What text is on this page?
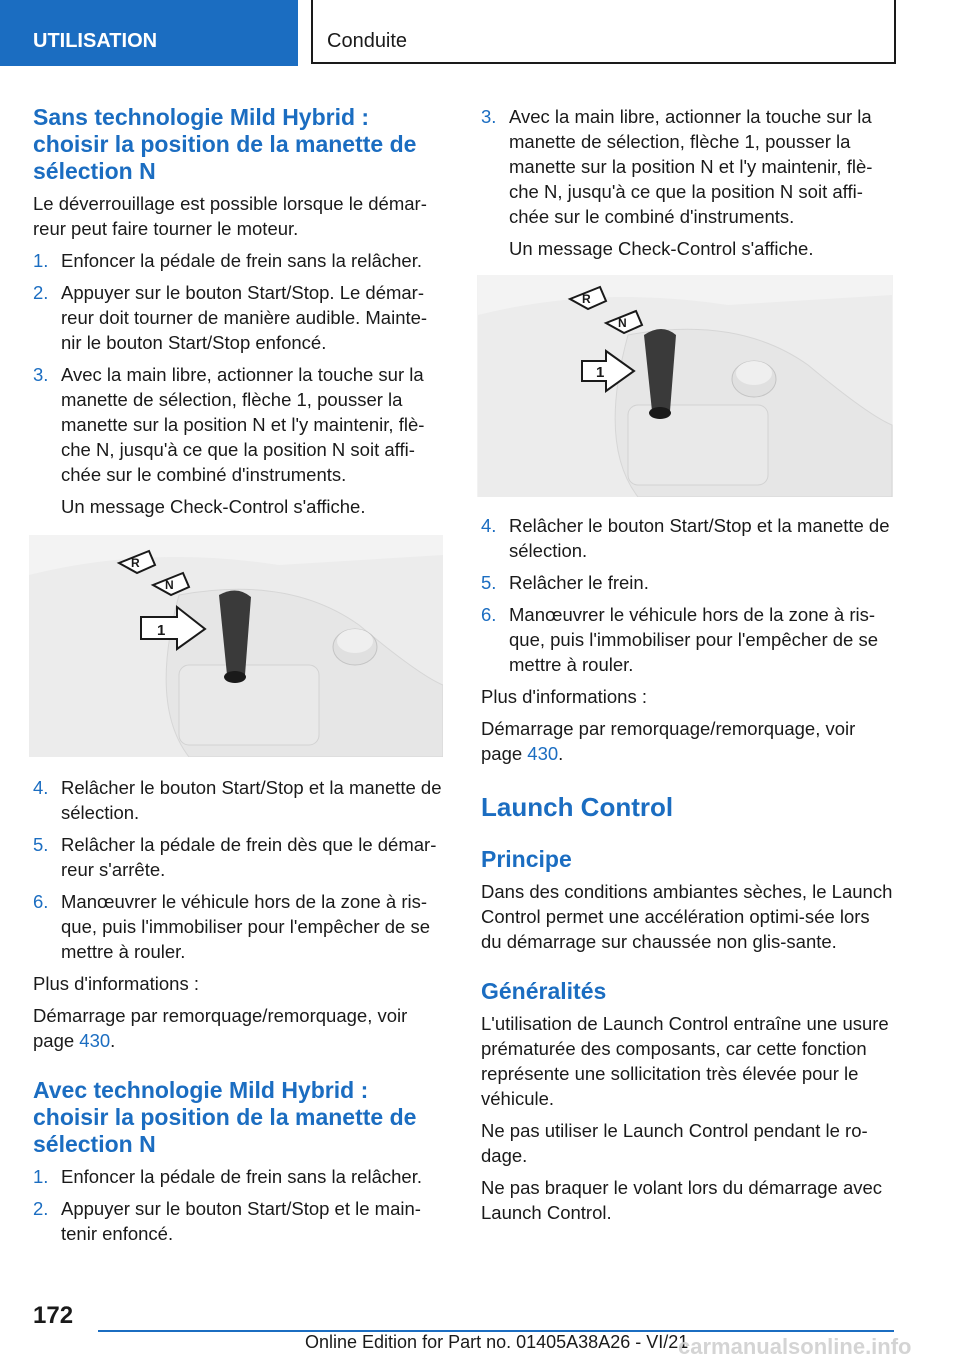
UTILISATION	Conduite
Sans technologie Mild Hybrid : choisir la position de la manette de sélection N

Le déverrouillage est possible lorsque le démar-reur peut faire tourner le moteur.

1. Enfoncer la pédale de frein sans la relâcher.
2. Appuyer sur le bouton Start/Stop. Le démar-reur doit tourner de manière audible. Mainte-nir le bouton Start/Stop enfoncé.
3. Avec la main libre, actionner la touche sur la manette de sélection, flèche 1, pousser la manette sur la position N et l'y maintenir, flè-che N, jusqu'à ce que la position N soit affi-chée sur le combiné d'instruments.

Un message Check-Control s'affiche.

R
N
1
4. Relâcher le bouton Start/Stop et la manette de sélection.
5. Relâcher la pédale de frein dès que le démar-reur s'arrête.
6. Manœuvrer le véhicule hors de la zone à ris-que, puis l'immobiliser pour l'empêcher de se mettre à rouler.

Plus d'informations :

Démarrage par remorquage/remorquage, voir page 430.

Avec technologie Mild Hybrid : choisir la position de la manette de sélection N
1. Enfoncer la pédale de frein sans la relâcher.
2. Appuyer sur le bouton Start/Stop et le main-tenir enfoncé.
3. Avec la main libre, actionner la touche sur la manette de sélection, flèche 1, pousser la manette sur la position N et l'y maintenir, flè-che N, jusqu'à ce que la position N soit affi-chée sur le combiné d'instruments.

Un message Check-Control s'affiche.

R
N
1
4. Relâcher le bouton Start/Stop et la manette de sélection.
5. Relâcher le frein.
6. Manœuvrer le véhicule hors de la zone à ris-que, puis l'immobiliser pour l'empêcher de se mettre à rouler.

Plus d'informations :

Démarrage par remorquage/remorquage, voir page 430.

Launch Control
Principe

Dans des conditions ambiantes sèches, le Launch Control permet une accélération optimi-sée lors du démarrage sur chaussée non glis-sante.

Généralités

L'utilisation de Launch Control entraîne une usure prématurée des composants, car cette fonction représente une sollicitation très élevée pour le véhicule.

Ne pas utiliser le Launch Control pendant le ro-dage.

Ne pas braquer le volant lors du démarrage avec Launch Control.

172
Online Edition for Part no. 01405A38A26 - VI/21
carmanualsonline.info
